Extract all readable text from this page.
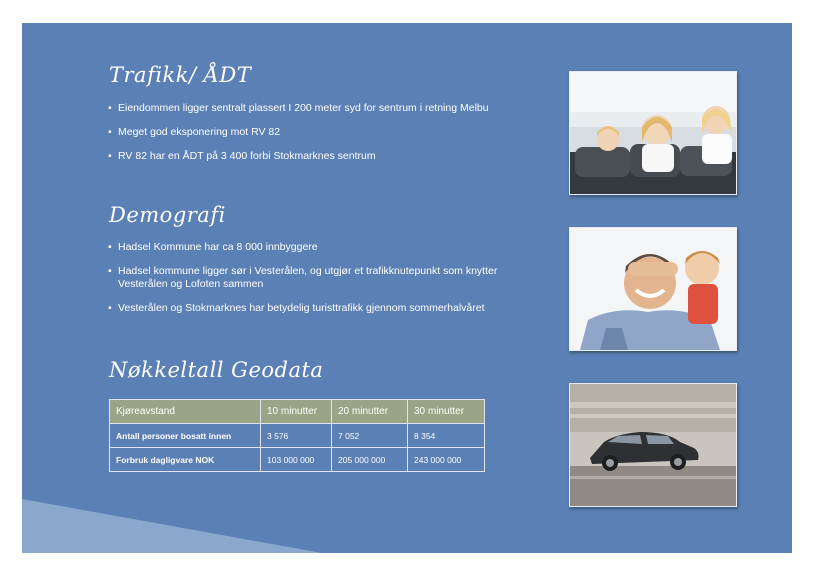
Trafikk/ ÅDT
• Eiendommen ligger sentralt plassert I 200 meter syd for sentrum i retning Melbu
• Meget god eksponering mot RV 82
• RV 82 har en ÅDT på 3 400 forbi Stokmarknes sentrum
Demografi
• Hadsel Kommune har ca 8 000 innbyggere
• Hadsel kommune ligger sør i Vesterålen, og utgjør et trafikknutepunkt som knytter Vesterålen og Lofoten sammen
• Vesterålen og Stokmarknes har betydelig turisttrafikk gjennom sommerhalvåret
Nøkkeltall Geodata
Kjøreavstand	10 minutter	20 minutter	30 minutter
Antall personer bosatt innen	3 576	7 052	8 354
Forbruk dagligvare NOK	103 000 000	205 000 000	243 000 000
